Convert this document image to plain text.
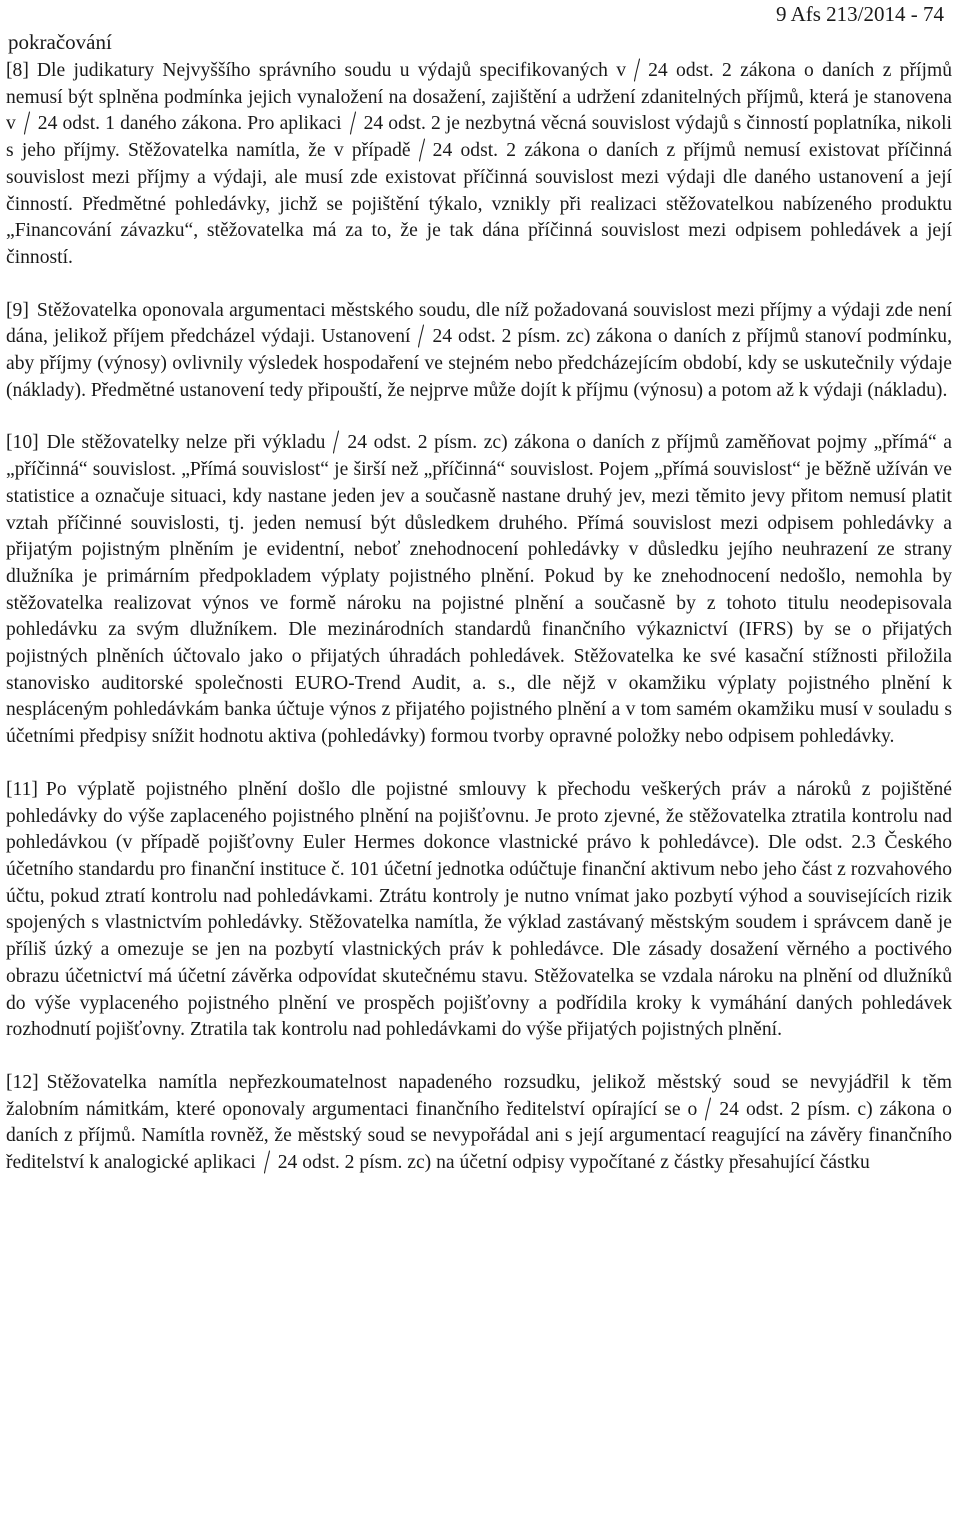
pokračování
9 Afs 213/2014 - 74

[8] Dle judikatury Nejvyššího správního soudu u výdajů specifikovaných v 24 odst. 2 zákona o daních z příjmů nemusí být splněna podmínka jejich vynaložení na dosažení, zajištění a udržení zdanitelných příjmů, která je stanovena v 24 odst. 1 daného zákona. Pro aplikaci 24 odst. 2 je nezbytná věcná souvislost výdajů s činností poplatníka, nikoli s jeho příjmy. Stěžovatelka namítla, že v případě 24 odst. 2 zákona o daních z příjmů nemusí existovat příčinná souvislost mezi příjmy a výdaji, ale musí zde existovat příčinná souvislost mezi výdaji dle daného ustanovení a její činností. Předmětné pohledávky, jichž se pojištění týkalo, vznikly při realizaci stěžovatelkou nabízeného produktu „Financování závazku“, stěžovatelka má za to, že je tak dána příčinná souvislost mezi odpisem pohledávek a její činností.

[9] Stěžovatelka oponovala argumentaci městského soudu, dle níž požadovaná souvislost mezi příjmy a výdaji zde není dána, jelikož příjem předcházel výdaji. Ustanovení 24 odst. 2 písm. zc) zákona o daních z příjmů stanoví podmínku, aby příjmy (výnosy) ovlivnily výsledek hospodaření ve stejném nebo předcházejícím období, kdy se uskutečnily výdaje (náklady). Předmětné ustanovení tedy připouští, že nejprve může dojít k příjmu (výnosu) a potom až k výdaji (nákladu).

[10] Dle stěžovatelky nelze při výkladu 24 odst. 2 písm. zc) zákona o daních z příjmů zaměňovat pojmy „přímá“ a „příčinná“ souvislost. „Přímá souvislost“ je širší než „příčinná“ souvislost. Pojem „přímá souvislost“ je běžně užíván ve statistice a označuje situaci, kdy nastane jeden jev a současně nastane druhý jev, mezi těmito jevy přitom nemusí platit vztah příčinné souvislosti, tj. jeden nemusí být důsledkem druhého. Přímá souvislost mezi odpisem pohledávky a přijatým pojistným plněním je evidentní, neboť znehodnocení pohledávky v důsledku jejího neuhrazení ze strany dlužníka je primárním předpokladem výplaty pojistného plnění. Pokud by ke znehodnocení nedošlo, nemohla by stěžovatelka realizovat výnos ve formě nároku na pojistné plnění a současně by z tohoto titulu neodepisovala pohledávku za svým dlužníkem. Dle mezinárodních standardů finančního výkaznictví (IFRS) by se o přijatých pojistných plněních účtovalo jako o přijatých úhradách pohledávek. Stěžovatelka ke své kasační stížnosti přiložila stanovisko auditorské společnosti EURO-Trend Audit, a. s., dle nějž v okamžiku výplaty pojistného plnění k nespláceným pohledávkám banka účtuje výnos z přijatého pojistného plnění a v tom samém okamžiku musí v souladu s účetními předpisy snížit hodnotu aktiva (pohledávky) formou tvorby opravné položky nebo odpisem pohledávky.

[11] Po výplatě pojistného plnění došlo dle pojistné smlouvy k přechodu veškerých práv a nároků z pojištěné pohledávky do výše zaplaceného pojistného plnění na pojišťovnu. Je proto zjevné, že stěžovatelka ztratila kontrolu nad pohledávkou (v případě pojišťovny Euler Hermes dokonce vlastnické právo k pohledávce). Dle odst. 2.3 Českého účetního standardu pro finanční instituce č. 101 účetní jednotka odúčtuje finanční aktivum nebo jeho část z rozvahového účtu, pokud ztratí kontrolu nad pohledávkami. Ztrátu kontroly je nutno vnímat jako pozbytí výhod a souvisejících rizik spojených s vlastnictvím pohledávky. Stěžovatelka namítla, že výklad zastávaný městským soudem i správcem daně je příliš úzký a omezuje se jen na pozbytí vlastnických práv k pohledávce. Dle zásady dosažení věrného a poctivého obrazu účetnictví má účetní závěrka odpovídat skutečnému stavu. Stěžovatelka se vzdala nároku na plnění od dlužníků do výše vyplaceného pojistného plnění ve prospěch pojišťovny a podřídila kroky k vymáhání daných pohledávek rozhodnutí pojišťovny. Ztratila tak kontrolu nad pohledávkami do výše přijatých pojistných plnění.

[12] Stěžovatelka namítla nepřezkoumatelnost napadeného rozsudku, jelikož městský soud se nevyjádřil k těm žalobním námitkám, které oponovaly argumentaci finančního ředitelství opírající se o 24 odst. 2 písm. c) zákona o daních z příjmů. Namítla rovněž, že městský soud se nevypořádal ani s její argumentací reagující na závěry finančního ředitelství k analogické aplikaci 24 odst. 2 písm. zc) na účetní odpisy vypočítané z částky přesahující částku
